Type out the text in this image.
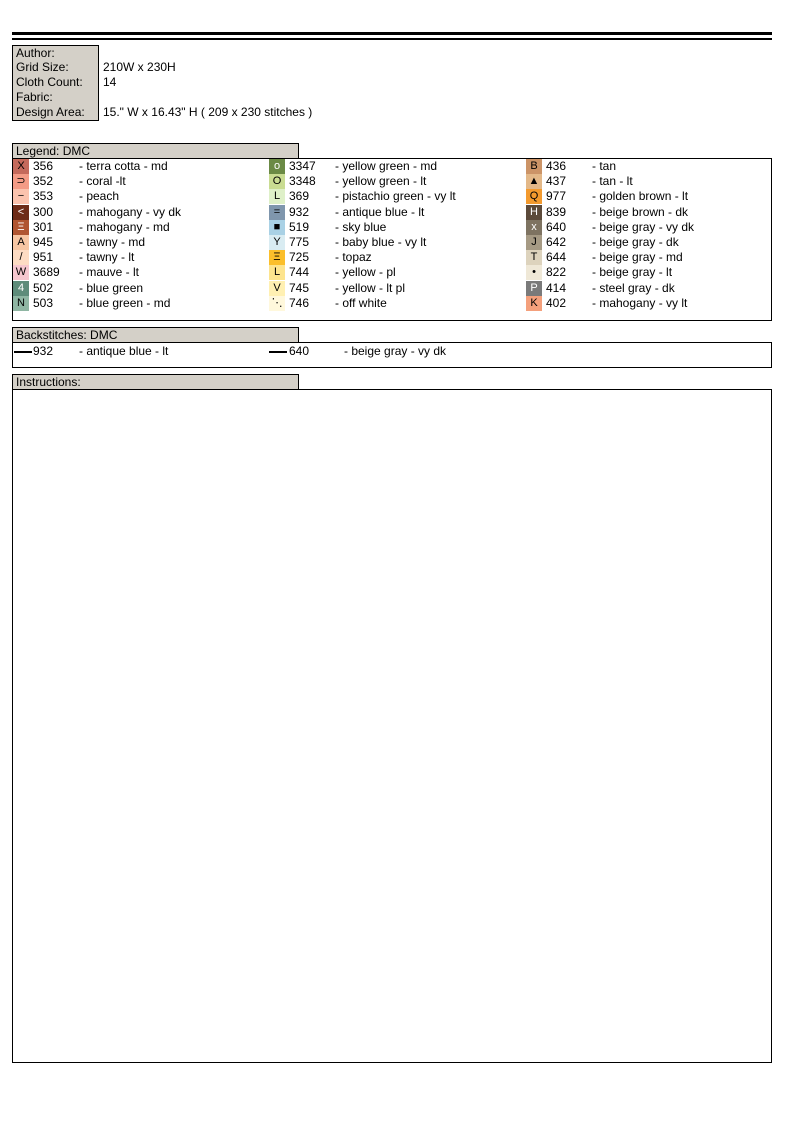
Author:
Grid Size:	210W x 230H
Cloth Count:	14
Fabric:
Design Area:	15." W x 16.43" H ( 209 x 230 stitches )
Legend: DMC
X 356 - terra cotta - md
⊃ 352 - coral -lt
− 353 - peach
< 300 - mahogany - vy dk
Ξ 301 - mahogany - md
A 945 - tawny - md
/ 951 - tawny - lt
W 3689 - mauve - lt
4 502 - blue green
N 503 - blue green - md
o 3347 - yellow green - md
O 3348 - yellow green - lt
L 369 - pistachio green - vy lt
= 932 - antique blue - lt
■ 519 - sky blue
Y 775 - baby blue - vy lt
Ξ 725 - topaz
L 744 - yellow - pl
V 745 - yellow - lt pl
⋱ 746 - off white
B 436 - tan
▲ 437 - tan - lt
Q 977 - golden brown - lt
H 839 - beige brown - dk
x 640 - beige gray - vy dk
J 642 - beige gray - dk
T 644 - beige gray - md
• 822 - beige gray - lt
P 414 - steel gray - dk
K 402 - mahogany - vy lt
Backstitches: DMC
932 - antique blue - lt	640	- beige gray - vy dk
Instructions:
